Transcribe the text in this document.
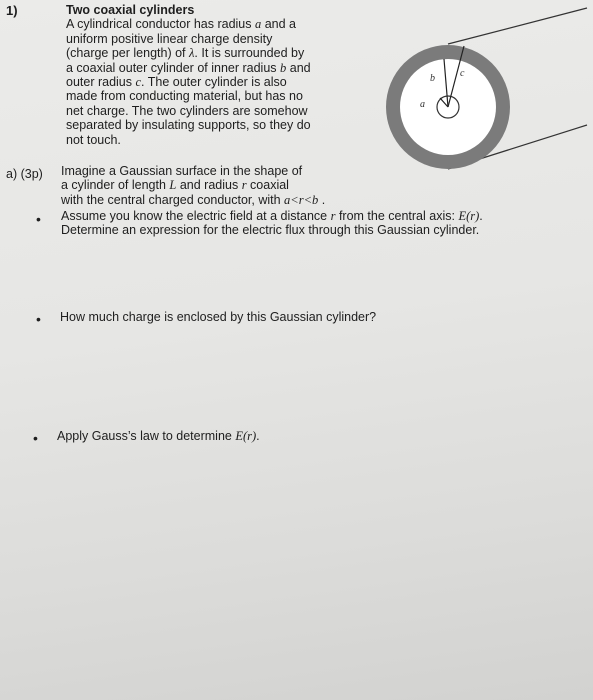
1)	Two coaxial cylinders
A cylindrical conductor has radius a and a
uniform positive linear charge density
(charge per length) of λ. It is surrounded by
a coaxial outer cylinder of inner radius b and
outer radius c. The outer cylinder is also
made from conducting material, but has no
net charge. The two cylinders are somehow
separated by insulating supports, so they do
not touch.
a
b	c
a) (3p) Imagine a Gaussian surface in the shape of
a cylinder of length L and radius r coaxial
with the central charged conductor, with a<r<b .
• Assume you know the electric field at a distance r from the central axis: E(r).
Determine an expression for the electric flux through this Gaussian cylinder.
• How much charge is enclosed by this Gaussian cylinder?
• Apply Gauss’s law to determine E(r).
